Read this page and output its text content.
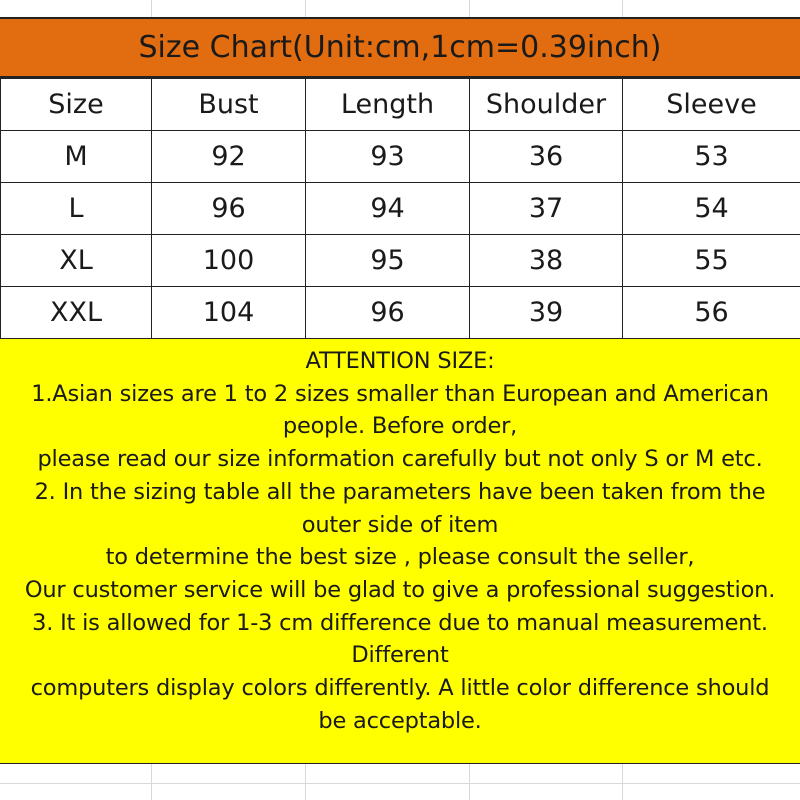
Size Chart(Unit:cm,1cm=0.39inch)
Size	Bust	Length	Shoulder	Sleeve
M	92	93	36	53
L	96	94	37	54
XL	100	95	38	55
XXL	104	96	39	56
ATTENTION SIZE:
1.Asian sizes are 1 to 2 sizes smaller than European and American
people. Before order,
please read our size information carefully but not only S or M etc.
2. In the sizing table all the parameters have been taken from the
outer side of item
to determine the best size , please consult the seller,
Our customer service will be glad to give a professional suggestion.
3. It is allowed for 1-3 cm difference due to manual measurement.
Different
computers display colors differently. A little color difference should
be acceptable.
